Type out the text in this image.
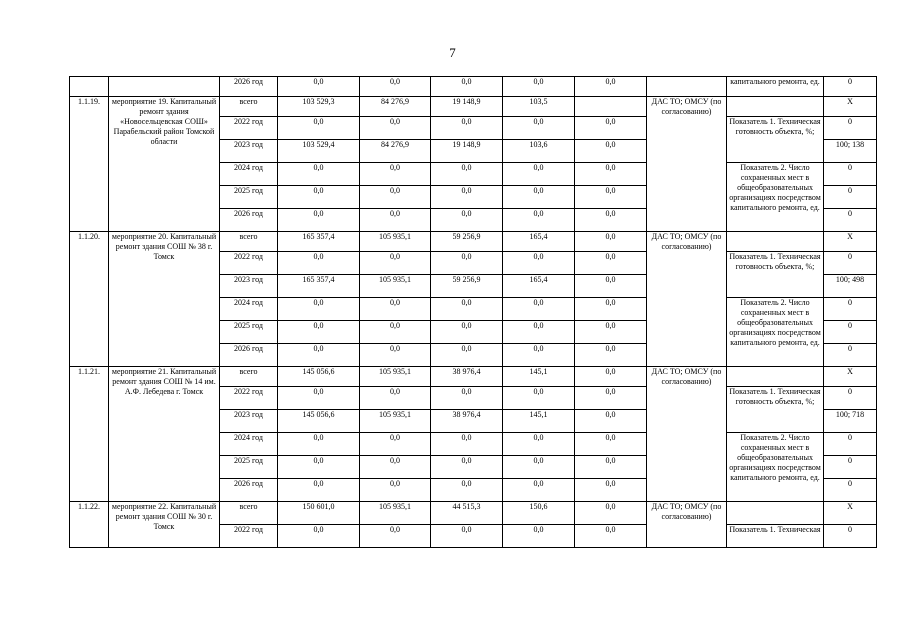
7
		2026 год	0,0	0,0	0,0	0,0	0,0		капитального ремонта, ед.	0
1.1.19.	мероприятие 19. Капитальный ремонт здания «Новосельцевская СОШ» Парабельский район Томской области	всего	103 529,3	84 276,9	19 148,9	103,5		ДАС ТО; ОМСУ (по согласованию)		Х
		2022 год	0,0	0,0	0,0	0,0	0,0		Показатель 1. Техническая готовность объекта, %;	0
		2023 год	103 529,4	84 276,9	19 148,9	103,6	0,0			100; 138
		2024 год	0,0	0,0	0,0	0,0	0,0		Показатель 2. Число сохраненных мест в общеобразовательных организациях посредством капитального ремонта, ед.	0
		2025 год	0,0	0,0	0,0	0,0	0,0			0
		2026 год	0,0	0,0	0,0	0,0	0,0			0
1.1.20.	мероприятие 20. Капитальный ремонт здания СОШ № 38 г. Томск	всего	165 357,4	105 935,1	59 256,9	165,4	0,0	ДАС ТО; ОМСУ (по согласованию)		Х
		2022 год	0,0	0,0	0,0	0,0	0,0		Показатель 1. Техническая готовность объекта, %;	0
		2023 год	165 357,4	105 935,1	59 256,9	165,4	0,0			100; 498
		2024 год	0,0	0,0	0,0	0,0	0,0		Показатель 2. Число сохраненных мест в общеобразовательных организациях посредством капитального ремонта, ед.	0
		2025 год	0,0	0,0	0,0	0,0	0,0			0
		2026 год	0,0	0,0	0,0	0,0	0,0			0
1.1.21.	мероприятие 21. Капитальный ремонт здания СОШ № 14 им. А.Ф. Лебедева г. Томск	всего	145 056,6	105 935,1	38 976,4	145,1	0,0	ДАС ТО; ОМСУ (по согласованию)		Х
		2022 год	0,0	0,0	0,0	0,0	0,0		Показатель 1. Техническая готовность объекта, %;	0
		2023 год	145 056,6	105 935,1	38 976,4	145,1	0,0			100; 718
		2024 год	0,0	0,0	0,0	0,0	0,0		Показатель 2. Число сохраненных мест в общеобразовательных организациях посредством капитального ремонта, ед.	0
		2025 год	0,0	0,0	0,0	0,0	0,0			0
		2026 год	0,0	0,0	0,0	0,0	0,0			0
1.1.22.	мероприятие 22. Капитальный ремонт здания СОШ № 30 г. Томск	всего	150 601,0	105 935,1	44 515,3	150,6	0,0	ДАС ТО; ОМСУ (по согласованию)		Х
		2022 год	0,0	0,0	0,0	0,0	0,0		Показатель 1. Техническая	0
